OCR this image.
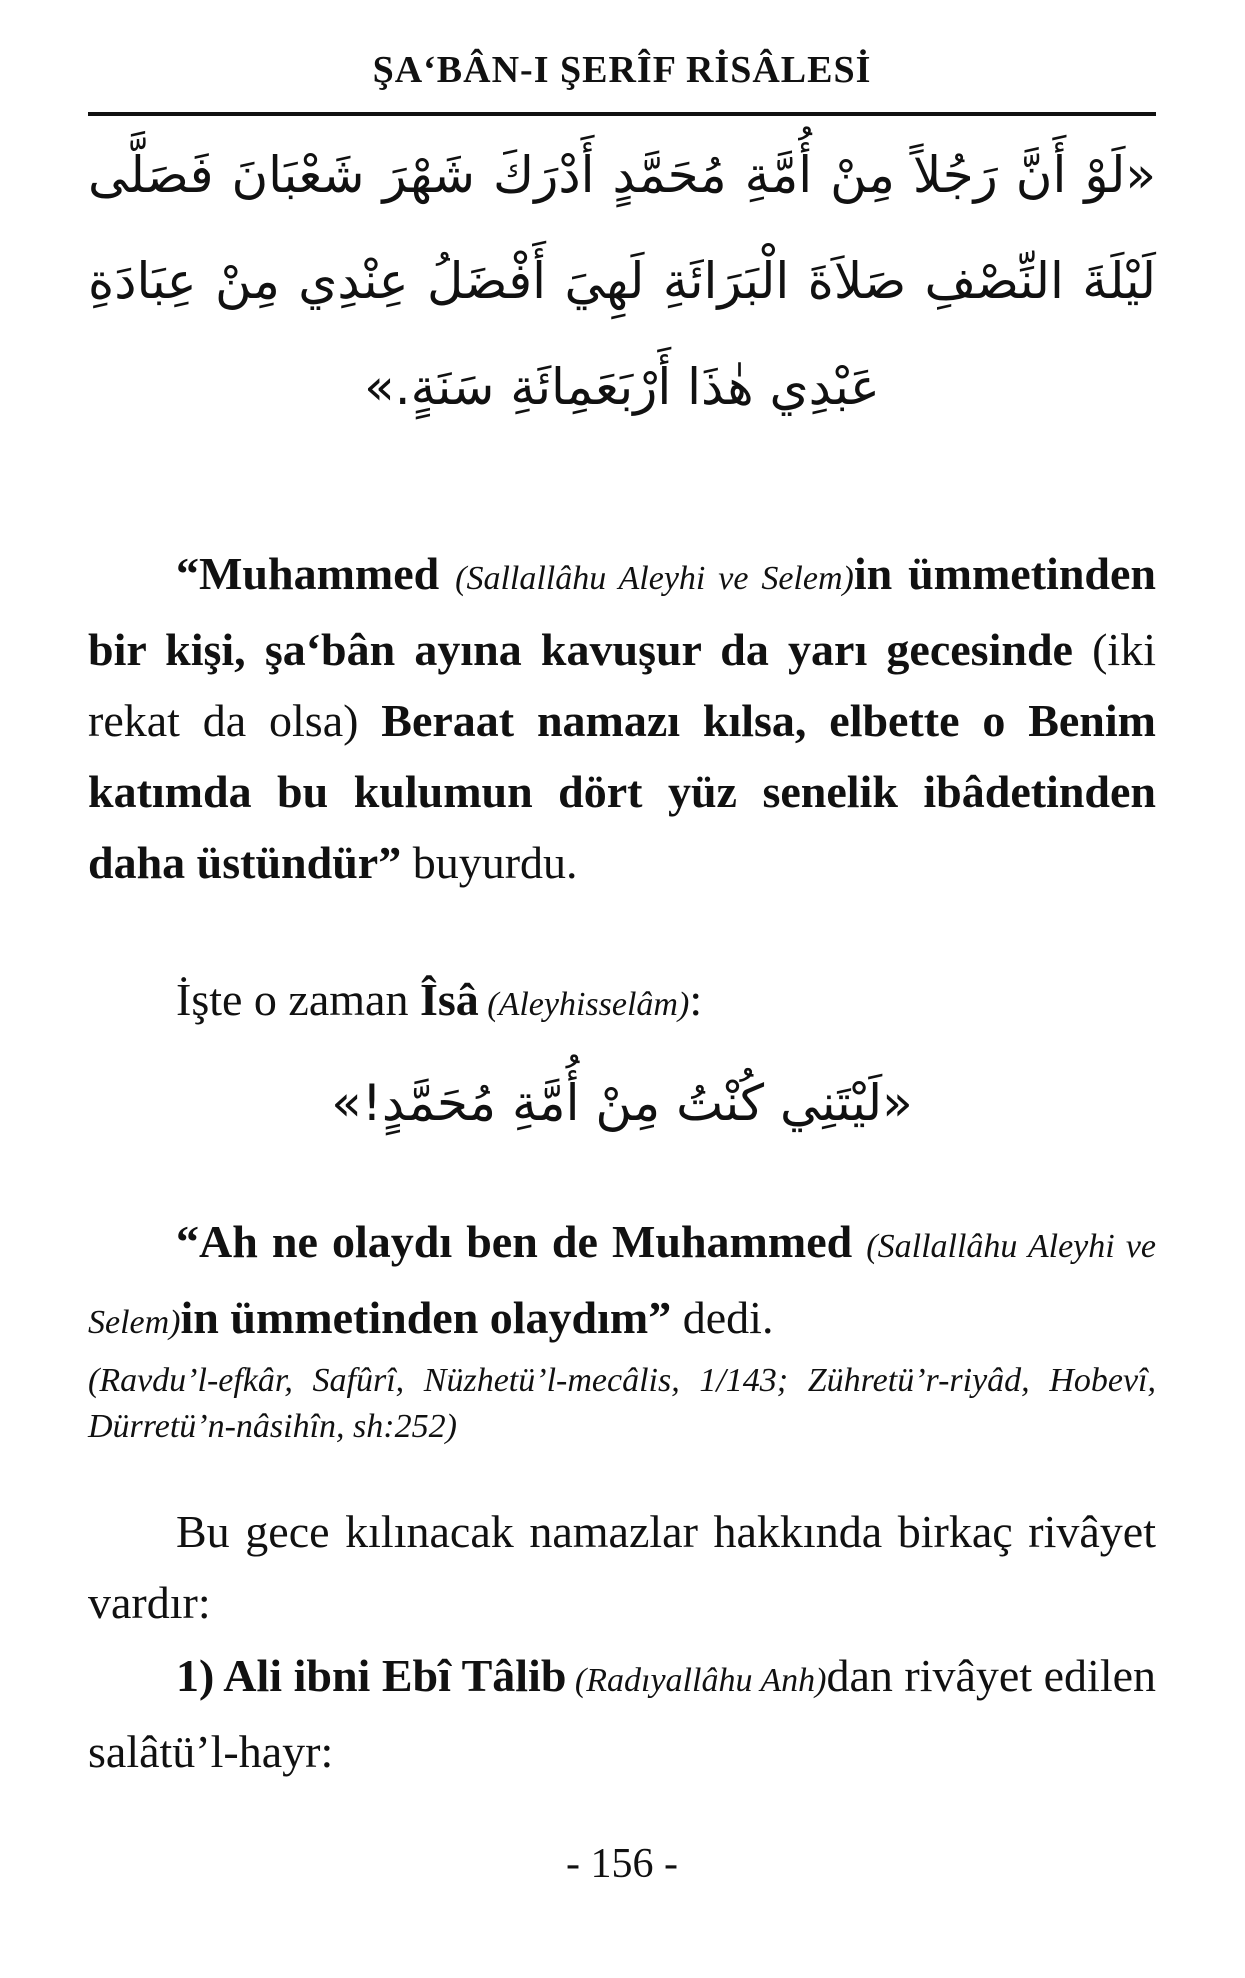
ŞA‘BÂN-I ŞERÎF RİSÂLESİ
«لَوْ أَنَّ رَجُلاً مِنْ أُمَّةِ مُحَمَّدٍ أَدْرَكَ شَهْرَ شَعْبَانَ فَصَلَّى
لَيْلَةَ النِّصْفِ صَلاَةَ الْبَرَائَةِ لَهِيَ أَفْضَلُ عِنْدِي مِنْ عِبَادَةِ
عَبْدِي هٰذَا أَرْبَعَمِائَةِ سَنَةٍ.»

“Muhammed (Sallallâhu Aleyhi ve Selem)in ümmetinden bir kişi, şa‘bân ayına kavuşur da yarı gecesinde (iki rekat da olsa) Beraat namazı kılsa, elbette o Benim katımda bu kulumun dört yüz senelik ibâdetinden daha üstündür” buyurdu.

İşte o zaman Îsâ (Aleyhisselâm):

«لَيْتَنِي كُنْتُ مِنْ أُمَّةِ مُحَمَّدٍ!»

“Ah ne olaydı ben de Muhammed (Sallallâhu Aleyhi ve Selem)in ümmetinden olaydım” dedi.

(Ravdu’l-efkâr, Safûrî, Nüzhetü’l-mecâlis, 1/143; Zühretü’r-riyâd, Hobevî, Dürretü’n-nâsihîn, sh:252)

Bu gece kılınacak namazlar hakkında birkaç rivâyet vardır:

1) Ali ibni Ebî Tâlib (Radıyallâhu Anh)dan rivâyet edilen salâtü’l-hayr:

- 156 -
